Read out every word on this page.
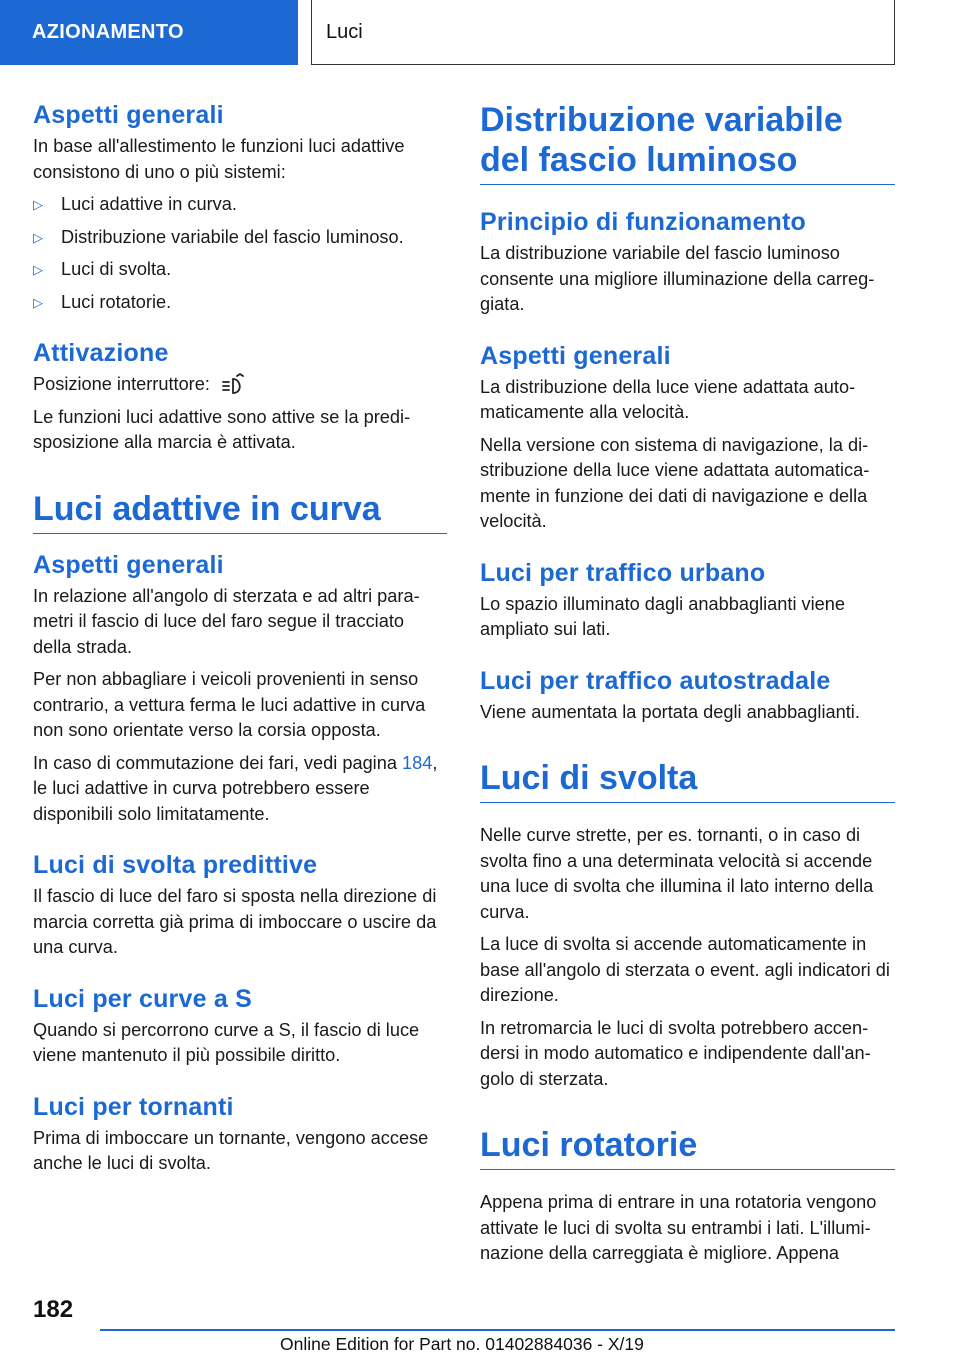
AZIONAMENTO	Luci
Aspetti generali

In base all'allestimento le funzioni luci adattive consistono di uno o più sistemi:

▷ Luci adattive in curva.
▷ Distribuzione variabile del fascio luminoso.
▷ Luci di svolta.
▷ Luci rotatorie.
Attivazione

Posizione interruttore:

Le funzioni luci adattive sono attive se la predisposizione alla marcia è attivata.

Luci adattive in curva
Aspetti generali

In relazione all'angolo di sterzata e ad altri parametri il fascio di luce del faro segue il tracciato della strada.

Per non abbagliare i veicoli provenienti in senso contrario, a vettura ferma le luci adattive in curva non sono orientate verso la corsia opposta.

In caso di commutazione dei fari, vedi pagina 184, le luci adattive in curva potrebbero essere disponibili solo limitatamente.

Luci di svolta predittive

Il fascio di luce del faro si sposta nella direzione di marcia corretta già prima di imboccare o uscire da una curva.

Luci per curve a S

Quando si percorrono curve a S, il fascio di luce viene mantenuto il più possibile diritto.

Luci per tornanti

Prima di imboccare un tornante, vengono accese anche le luci di svolta.

Distribuzione variabile del fascio luminoso
Principio di funzionamento

La distribuzione variabile del fascio luminoso consente una migliore illuminazione della carreggiata.

Aspetti generali

La distribuzione della luce viene adattata automaticamente alla velocità.

Nella versione con sistema di navigazione, la distribuzione della luce viene adattata automaticamente in funzione dei dati di navigazione e della velocità.

Luci per traffico urbano

Lo spazio illuminato dagli anabbaglianti viene ampliato sui lati.

Luci per traffico autostradale

Viene aumentata la portata degli anabbaglianti.

Luci di svolta

Nelle curve strette, per es. tornanti, o in caso di svolta fino a una determinata velocità si accende una luce di svolta che illumina il lato interno della curva.

La luce di svolta si accende automaticamente in base all'angolo di sterzata o event. agli indicatori di direzione.

In retromarcia le luci di svolta potrebbero accendersi in modo automatico e indipendente dall'angolo di sterzata.

Luci rotatorie

Appena prima di entrare in una rotatoria vengono attivate le luci di svolta su entrambi i lati. L'illuminazione della carreggiata è migliore. Appena

182
Online Edition for Part no. 01402884036 - X/19
